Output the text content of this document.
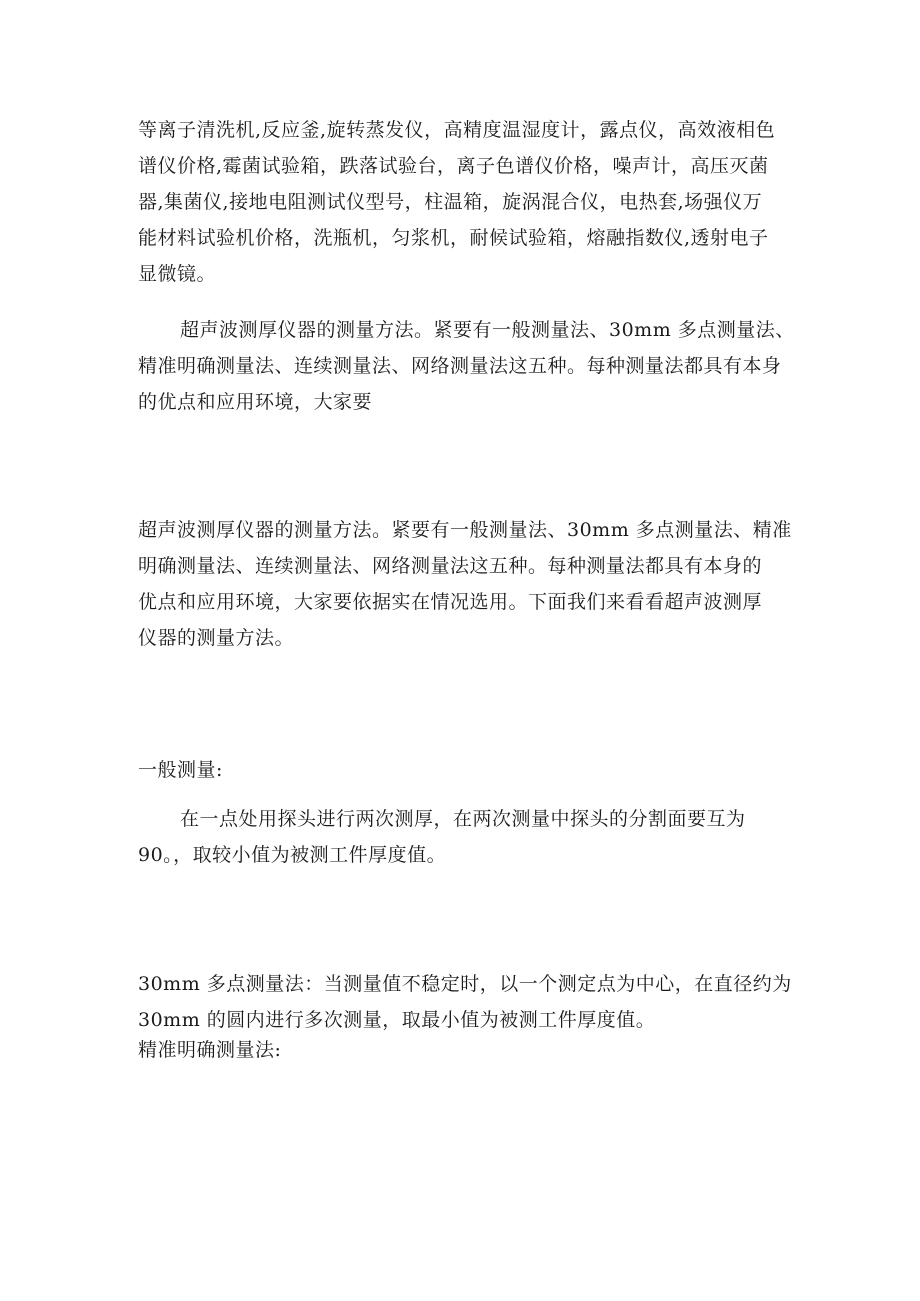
等离子清洗机,反应釜,旋转蒸发仪，高精度温湿度计，露点仪，高效液相色
谱仪价格,霉菌试验箱，跌落试验台，离子色谱仪价格，噪声计，高压灭菌
器,集菌仪,接地电阻测试仪型号，柱温箱，旋涡混合仪，电热套,场强仪万
能材料试验机价格，洗瓶机，匀浆机，耐候试验箱，熔融指数仪,透射电子
显微镜。
超声波测厚仪器的测量方法。紧要有一般测量法、30mm 多点测量法、
精准明确测量法、连续测量法、网络测量法这五种。每种测量法都具有本身
的优点和应用环境，大家要
超声波测厚仪器的测量方法。紧要有一般测量法、30mm 多点测量法、精准
明确测量法、连续测量法、网络测量法这五种。每种测量法都具有本身的
优点和应用环境，大家要依据实在情况选用。下面我们来看看超声波测厚
仪器的测量方法。
一般测量:
在一点处用探头进行两次测厚，在两次测量中探头的分割面要互为
90。，取较小值为被测工件厚度值。
30mm 多点测量法：当测量值不稳定时，以一个测定点为中心，在直径约为
30mm 的圆内进行多次测量，取最小值为被测工件厚度值。
精准明确测量法:
